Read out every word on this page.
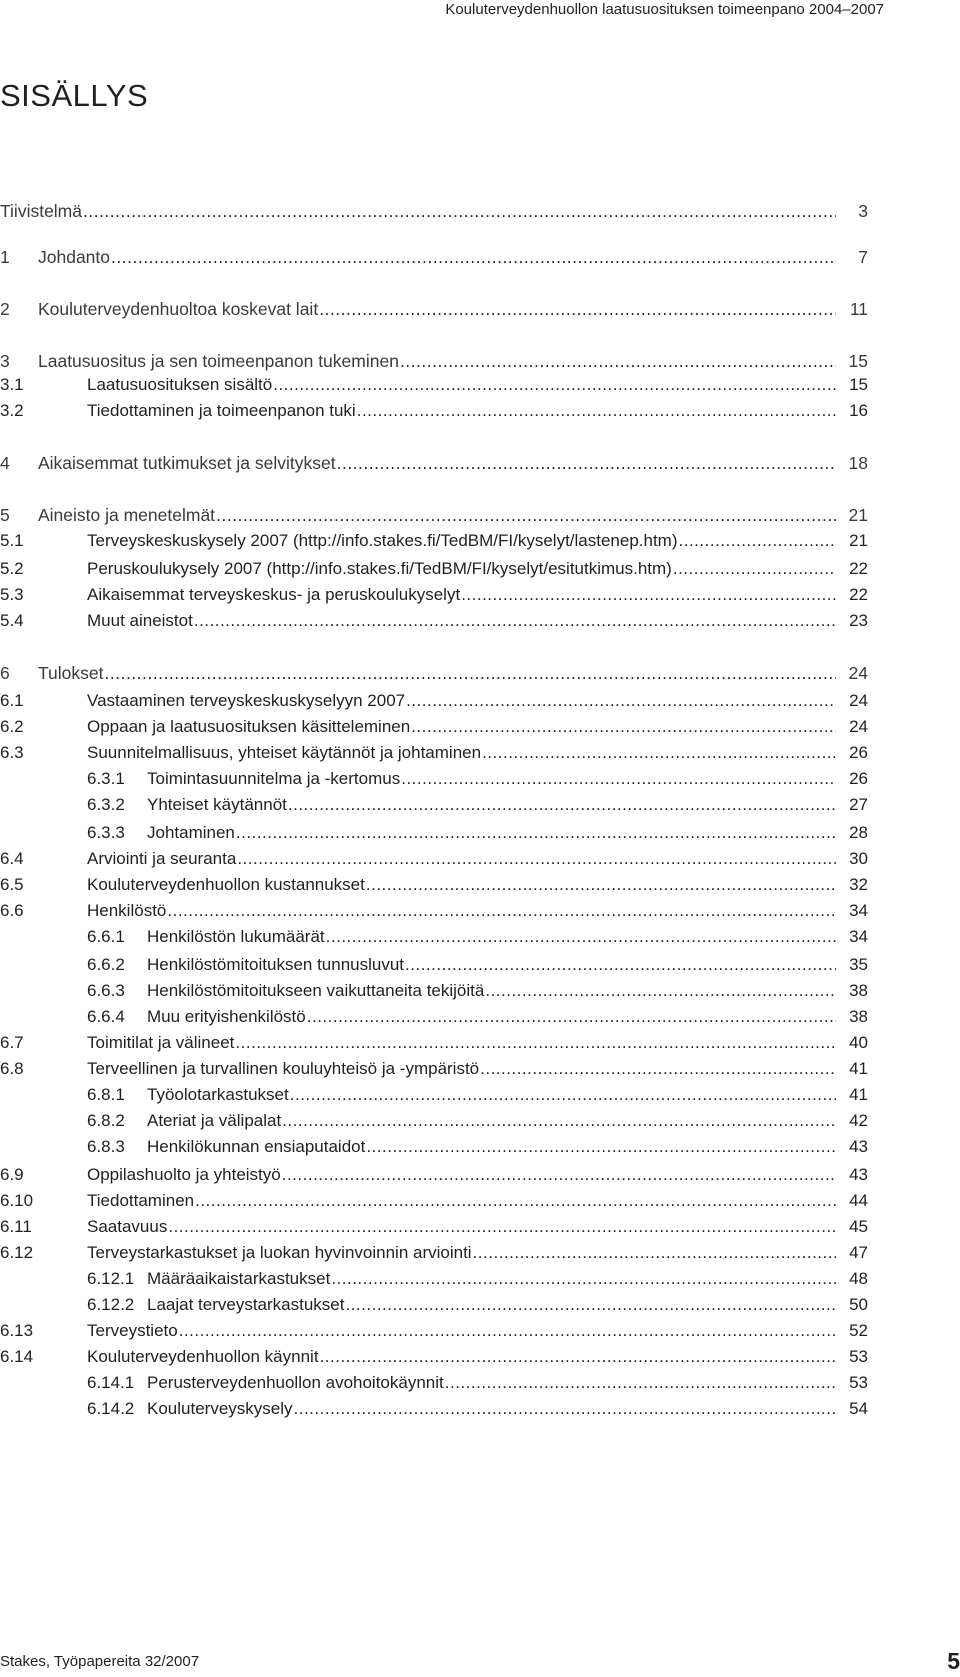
Kouluterveydenhuollon laatusuosituksen toimeenpano 2004–2007
SISÄLLYS
Tiivistelmä .....	3
1	Johdanto .....	7
2	Kouluterveydenhuoltoa koskevat lait .....	11
3	Laatusuositus ja sen toimeenpanon tukeminen .....	15
3.1	Laatusuosituksen sisältö .....	15
3.2	Tiedottaminen ja toimeenpanon tuki .....	16
4	Aikaisemmat tutkimukset ja selvitykset .....	18
5	Aineisto ja menetelmät .....	21
5.1	Terveyskeskuskysely 2007 (http://info.stakes.fi/TedBM/FI/kyselyt/lastenep.htm) .....	21
5.2	Peruskoulukysely 2007 (http://info.stakes.fi/TedBM/FI/kyselyt/esitutkimus.htm) .....	22
5.3	Aikaisemmat terveyskeskus- ja peruskoulukyselyt .....	22
5.4	Muut aineistot .....	23
6	Tulokset .....	24
6.1	Vastaaminen terveyskeskuskyselyyn 2007 .....	24
6.2	Oppaan ja laatusuosituksen käsitteleminen .....	24
6.3	Suunnitelmallisuus, yhteiset käytännöt ja johtaminen .....	26
6.3.1	Toimintasuunnitelma ja -kertomus .....	26
6.3.2	Yhteiset käytännöt .....	27
6.3.3	Johtaminen .....	28
6.4	Arviointi ja seuranta .....	30
6.5	Kouluterveydenhuollon kustannukset .....	32
6.6	Henkilöstö .....	34
6.6.1	Henkilöstön lukumäärät .....	34
6.6.2	Henkilöstömitoituksen tunnusluvut .....	35
6.6.3	Henkilöstömitoitukseen vaikuttaneita tekijöitä .....	38
6.6.4	Muu erityishenkilöstö .....	38
6.7	Toimitilat ja välineet .....	40
6.8	Terveellinen ja turvallinen kouluyhteisö ja -ympäristö .....	41
6.8.1	Työolotarkastukset .....	41
6.8.2	Ateriat ja välipalat .....	42
6.8.3	Henkilökunnan ensiaputaidot .....	43
6.9	Oppilashuolto ja yhteistyö .....	43
6.10	Tiedottaminen .....	44
6.11	Saatavuus .....	45
6.12	Terveystarkastukset ja luokan hyvinvoinnin arviointi .....	47
6.12.1 Määräaikaistarkastukset .....	48
6.12.2 Laajat terveystarkastukset .....	50
6.13	Terveystieto .....	52
6.14	Kouluterveydenhuollon käynnit .....	53
6.14.1 Perusterveydenhuollon avohoitokäynnit .....	53
6.14.2 Kouluterveyskysely .....	54
Stakes, Työpapereita 32/2007	5
